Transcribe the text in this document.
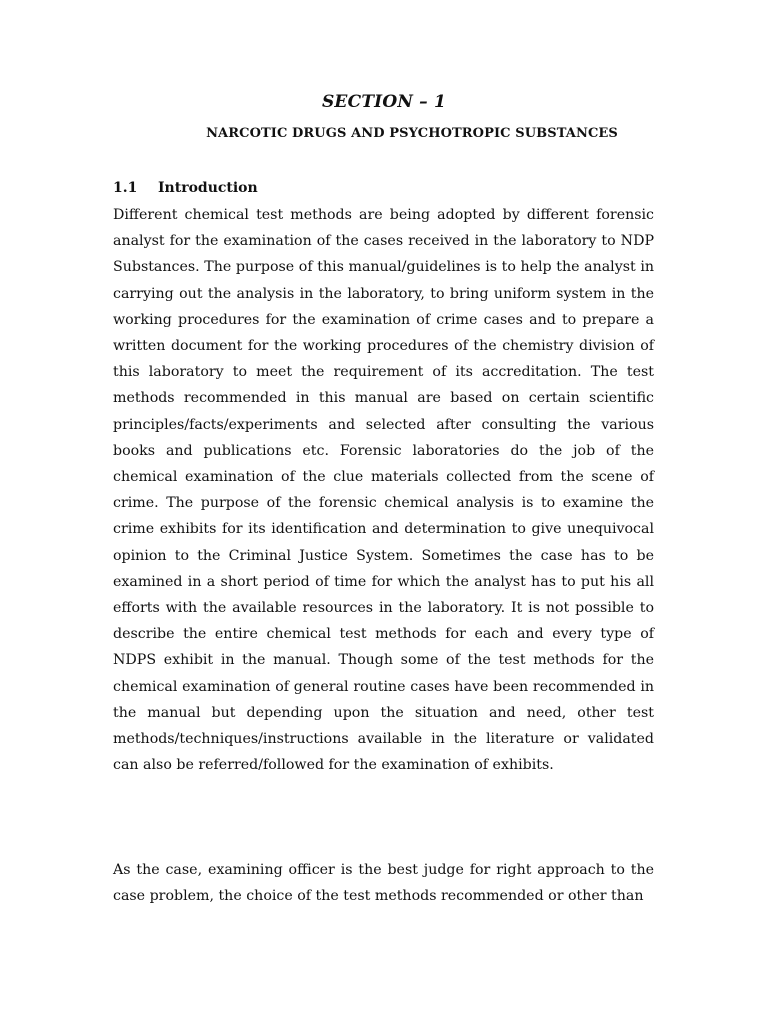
SECTION – 1
NARCOTIC DRUGS AND PSYCHOTROPIC SUBSTANCES
1.1 Introduction

Different chemical test methods are being adopted by different forensic analyst for the examination of the cases received in the laboratory to NDP Substances. The purpose of this manual/guidelines is to help the analyst in carrying out the analysis in the laboratory, to bring uniform system in the working procedures for the examination of crime cases and to prepare a written document for the working procedures of the chemistry division of this laboratory to meet the requirement of its accreditation. The test methods recommended in this manual are based on certain scientific principles/facts/experiments and selected after consulting the various books and publications etc. Forensic laboratories do the job of the chemical examination of the clue materials collected from the scene of crime. The purpose of the forensic chemical analysis is to examine the crime exhibits for its identification and determination to give unequivocal opinion to the Criminal Justice System. Sometimes the case has to be examined in a short period of time for which the analyst has to put his all efforts with the available resources in the laboratory. It is not possible to describe the entire chemical test methods for each and every type of NDPS exhibit in the manual. Though some of the test methods for the chemical examination of general routine cases have been recommended in the manual but depending upon the situation and need, other test methods/techniques/instructions available in the literature or validated can also be referred/followed for the examination of exhibits.

As the case, examining officer is the best judge for right approach to the case problem, the choice of the test methods recommended or other than
